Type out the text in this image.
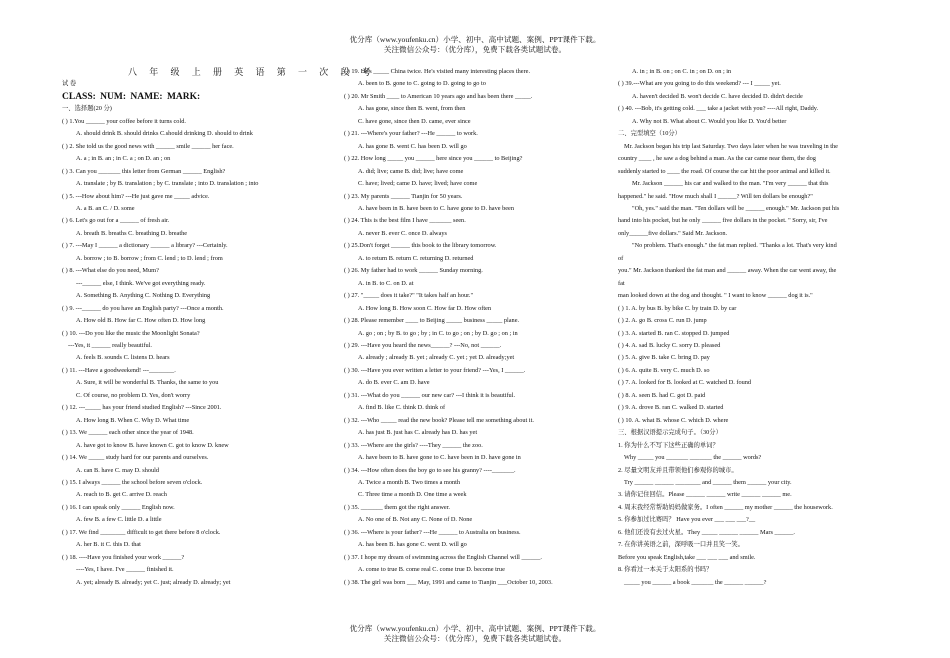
优分库（www.youfenku.cn）小学、初中、高中试题、案例、PPT课件下载。
关注微信公众号：（优分库），免费下载各类试题试卷。
八 年 级 上 册 英 语 第 一 次 段 考
试 卷
CLASS: NUM: NAME: MARK:
一、选择题(20 分)
( ) 1.You ______ your coffee before it turns cold.
A. should drink B. should drinks C.should drinking D. should to drink
( ) 2. She told us the good news with ______ smile ______ her face.
A. a ; in B. an ; in C. a ; on D. an ; on
( ) 3. Can you _______ this letter from German ______ English?
A. translate ; by B. translation ; by C. translate ; into D. translation ; into
( ) 5. ---How about him? ---He just gave me _____ advice.
A. a B. an C. / D. some
( ) 6. Let's go out for a ______ of fresh air.
A. breath B. breaths C. breathing D. breathe
( ) 7. ---May I ______ a dictionary ______ a library? ---Certainly.
A. borrow ; to B. borrow ; from C. lend ; to D. lend ; from
( ) 8. ---What else do you need, Mum?
---______ else, I think. We've got everything ready.
A. Something B. Anything C. Nothing D. Everything
( ) 9. ---______ do you have an English party? ---Once a month.
A. How old B. How far C. How often D. How long
( ) 10. ---Do you like the music the Moonlight Sonata?
---Yes, it ______ really beautiful.
A. feels B. sounds C. listens D. hears
( ) 11. ---Have a goodweekend! ---________.
A. Sure, it will be wonderful B. Thanks, the same to you
C. Of course, no problem D. Yes, don't worry
( ) 12. ---_____ has your friend studied English? ---Since 2001.
A. How long B. When C. Why D. What time
( ) 13. We ______ each other since the year of 1948.
A. have got to know B. have known C. got to know D. knew
( ) 14. We _____ study hard for our parents and ourselves.
A. can B. have C. may D. should
( ) 15. I always ______ the school before seven o'clock.
A. reach to B. get C. arrive D. reach
( ) 16. I can speak only ______ English now.
A. few B. a few C. little D. a little
( ) 17. We find ________ difficult to get there before 8 o'clock.
A. her B. it C. this D. that
( ) 18. ----Have you finished your work ______?
----Yes, I have. I've ______ finished it.
A. yet; already B. already; yet C. just; already D. already; yet
( ) 19. He's _____ China twice. He's visited many interesting places there.
A. been to B. gone to C. going to D. going to go to
( ) 20. Mr Smith ____ to American 10 years ago and has been there _____.
A. has gone, since then B. went, from then
C. have gone, since then D. came, ever since
( ) 21. ---Where's your father? ---He ______ to work.
A. has gone B. went C. has been D. will go
( ) 22. How long _____ you ______ here since you ______ to Beijing?
A. did; live; came B. did; live; have come
C. have; lived; came D. have; lived; have come
( ) 23. My parents ______ Tianjin for 50 years.
A. have been in B. have been to C. have gone to D. have been
( ) 24. This is the best film I have _______ seen.
A. never B. ever C. once D. always
( ) 25.Don't forget ______ this book to the library tomorrow.
A. to return B. return C. returning D. returned
( ) 26. My father had to work ______ Sunday morning.
A. in B. to C. on D. at
( ) 27. "_____ does it take?" "It takes half an hour."
A. How long B. How soon C. How far D. How often
( ) 28. Please remember ____ to Beijing _____ business _____ plane.
A. go ; on ; by B. to go ; by ; in C. to go ; on ; by D. go ; on ; in
( ) 29. ---Have you heard the news______? ---No, not ______.
A. already ; already B. yet ; already C. yet ; yet D. already;yet
( ) 30. ---Have you ever written a letter to your friend? ---Yes, I ______.
A. do B. ever C. am D. have
( ) 31. ---What do you ______ our new car? ---I think it is beautiful.
A. find B. like C. think D. think of
( ) 32. ---Who _____ read the new book? Please tell me something about it.
A. has just B. just has C. already has D. has yet
( ) 33. ---Where are the girls? ----They ______ the zoo.
A. have been to B. have gone to C. have been in D. have gone in
( ) 34. ---How often does the boy go to see his granny? ----_______.
A. Twice a month B. Two times a month
C. Three time a month D. One time a week
( ) 35. _______ them got the right answer.
A. No one of B. Not any C. None of D. None
( ) 36. ---Where is your father? ---He ______ to Australia on business.
A. has been B. has gone C. went D. will go
( ) 37. I hope my dream of swimming across the English Channel will ______.
A. come to true B. come real C. come true D. become true
( ) 38. The girl was born ___ May, 1991 and came to Tianjin ___October 10, 2003.
A. in ; in B. on ; on C. in ; on D. on ; in
( ) 39.---What are you going to do this weekend? --- I _____ yet.
A. haven't decided B. won't decide C. have decided D. didn't decide
( ) 40. ---Bob, it's getting cold. ___ take a jacket with you? ----All right, Daddy.
A. Why not B. What about C. Would you like D. You'd better
二、完型填空（10分）
Mr. Jackson began his trip last Saturday. Two days later when he was traveling in the
country ____ , he saw a dog behind a man. As the car came near them, the dog
suddenly started to ____ the road. Of course the car hit the poor animal and killed it.
Mr. Jackson ______ his car and walked to the man. "I'm very ______ that this
happened." he said. "How much shall I ______? Will ten dollars be enough?"
"Oh, yes." said the man. "Ten dollars will be ______ enough." Mr. Jackson put his
hand into his pocket, but he only ______ five dollars in the pocket. " Sorry, sir, I've
only______five dollars." Said Mr. Jackson.
"No problem. That's enough." the fat man replied. "Thanks a lot. That's very kind
of
you." Mr. Jackson thanked the fat man and ______ away. When the car went away, the
fat
man looked down at the dog and thought. " I want to know ______ dog it is."
( ) 1. A. by bus B. by bike C. by train D. by car
( ) 2. A. go B. cross C. run D. jump
( ) 3. A. started B. ran C. stopped D. jumped
( ) 4. A. sad B. lucky C. sorry D. pleased
( ) 5. A. give B. take C. bring D. pay
( ) 6. A. quite B. very C. much D. so
( ) 7. A. looked for B. looked at C. watched D. found
( ) 8. A. seen B. had C. got D. paid
( ) 9. A. drove B. ran C. walked D. started
( ) 10. A. what B. whose C. which D. where
三、根据汉语提示完成句子。（30分）
1. 你为什么不写下这些正确的单词？
Why _____ you _______ _______ the ______ words?
2. 尽量文明友并且带领他们参观你的城市。
Try ______ ______ ________ and ______ them ______ your city.
3. 请你记住回信。Please ______ ______ write ______ ______ me.
4. 周末我经常帮助妈妈做家务。I often ______ my mother ______ the housework.
5. 你参加过比赛吗？ Have you ever ___ ___ ___?__
6. 他们还没有去过火星。They _____ ______ ______ Mars ______.
7. 在你讲英语之前，深呼吸一口并且笑一笑。
Before you speak English,take ___ ___ ___ and smile.
8. 你看过一本关于太阳系的书吗？
_____ you ______ a book _______ the ______ ______?
优分库（www.youfenku.cn）小学、初中、高中试题、案例、PPT课件下载。
关注微信公众号：（优分库），免费下载各类试题试卷。
